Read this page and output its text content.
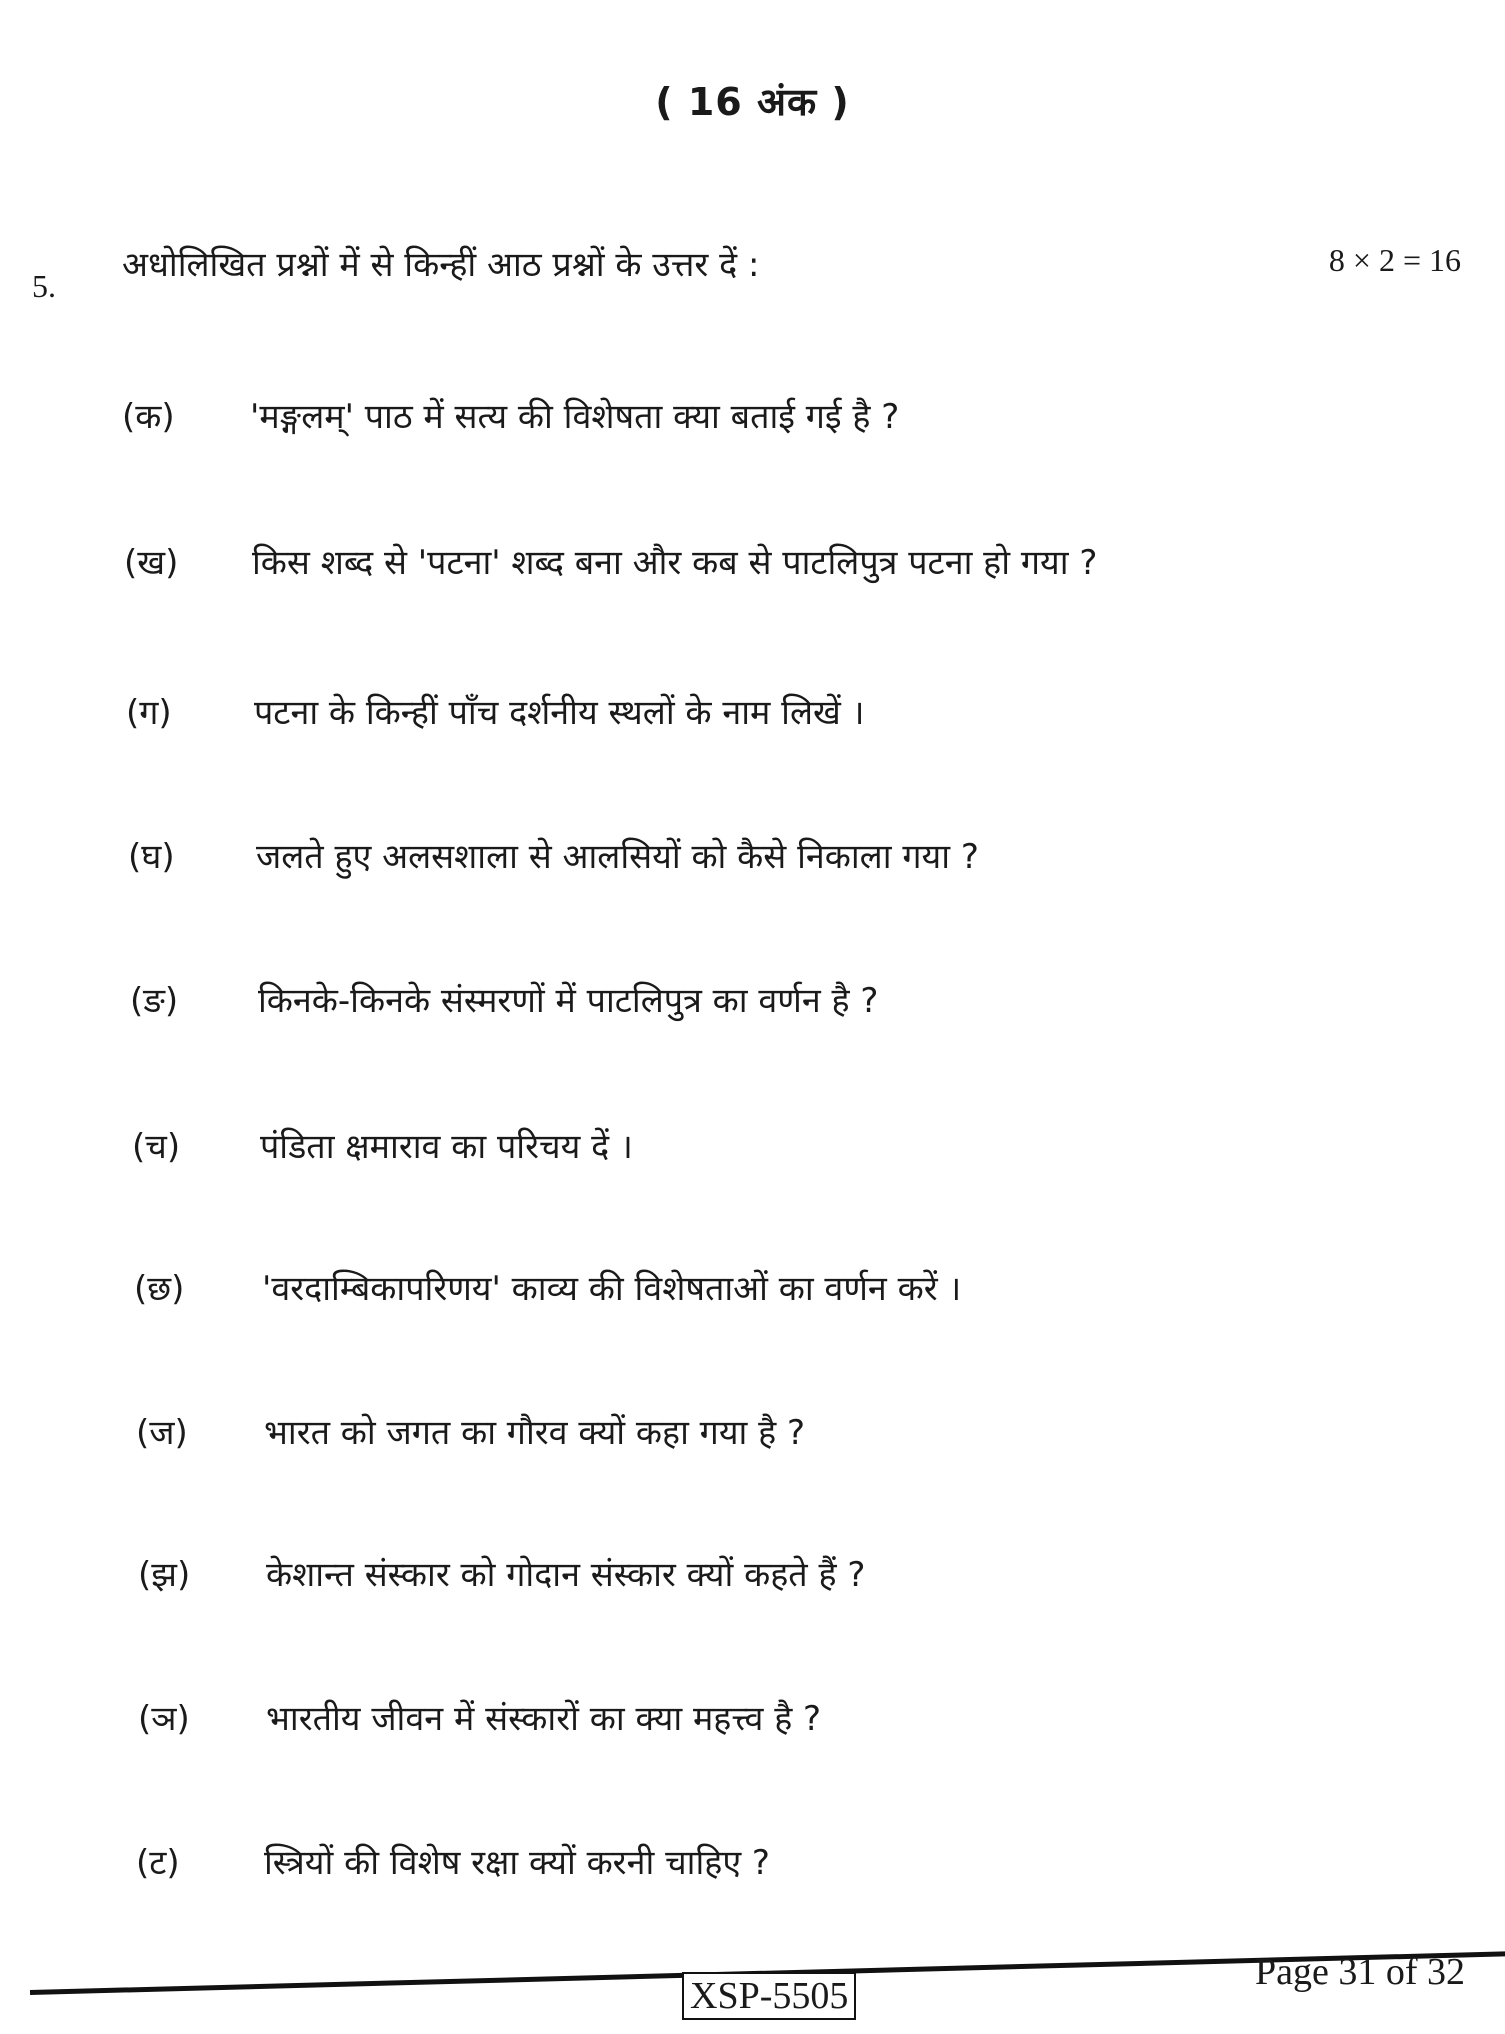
( 16 अंक )
5.
अधोलिखित प्रश्नों में से किन्हीं आठ प्रश्नों के उत्तर दें :	8 × 2 = 16
(क)	'मङ्गलम्' पाठ में सत्य की विशेषता क्या बताई गई है ?
(ख)	किस शब्द से 'पटना' शब्द बना और कब से पाटलिपुत्र पटना हो गया ?
(ग)	पटना के किन्हीं पाँच दर्शनीय स्थलों के नाम लिखें ।
(घ)	जलते हुए अलसशाला से आलसियों को कैसे निकाला गया ?
(ङ)	किनके-किनके संस्मरणों में पाटलिपुत्र का वर्णन है ?
(च)	पंडिता क्षमाराव का परिचय दें ।
(छ)	'वरदाम्बिकापरिणय' काव्य की विशेषताओं का वर्णन करें ।
(ज)	भारत को जगत का गौरव क्यों कहा गया है ?
(झ)	केशान्त संस्कार को गोदान संस्कार क्यों कहते हैं ?
(ञ)	भारतीय जीवन में संस्कारों का क्या महत्त्व है ?
(ट)	स्त्रियों की विशेष रक्षा क्यों करनी चाहिए ?
XSP-5505
Page 31 of 32
